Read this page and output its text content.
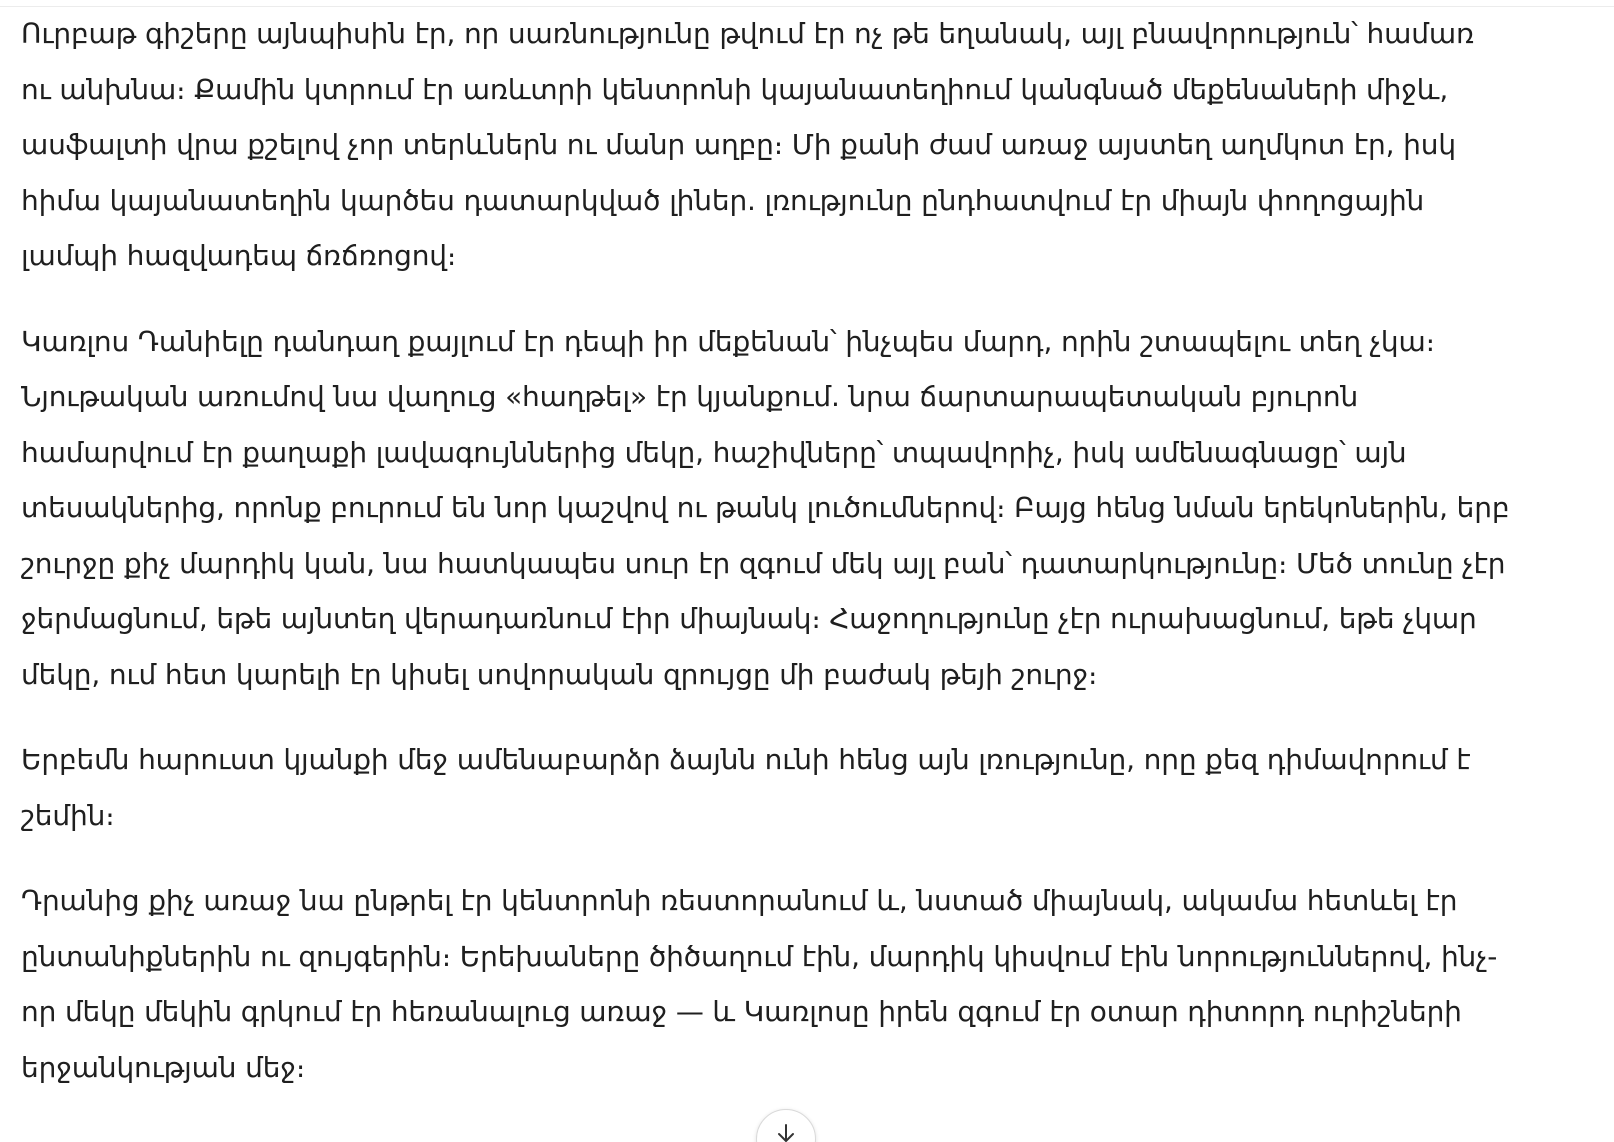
Ուրբաթ գիշերը այնպիսին էր, որ սառնությունը թվում էր ոչ թե եղանակ, այլ բնավորություն՝ համառ
ու անխնա։ Քամին կտրում էր առևտրի կենտրոնի կայանատեղիում կանգնած մեքենաների միջև,
ասֆալտի վրա քշելով չոր տերևներն ու մանր աղբը։ Մի քանի ժամ առաջ այստեղ աղմկոտ էր, իսկ
հիմա կայանատեղին կարծես դատարկված լիներ. լռությունը ընդհատվում էր միայն փողոցային
լամպի հազվադեպ ճռճռոցով։

Կառլոս Դանիելը դանդաղ քայլում էր դեպի իր մեքենան՝ ինչպես մարդ, որին շտապելու տեղ չկա։
Նյութական առումով նա վաղուց «հաղթել» էր կյանքում. նրա ճարտարապետական բյուրոն
համարվում էր քաղաքի լավագույններից մեկը, հաշիվները՝ տպավորիչ, իսկ ամենագնացը՝ այն
տեսակներից, որոնք բուրում են նոր կաշվով ու թանկ լուծումներով։ Բայց հենց նման երեկոներին, երբ
շուրջը քիչ մարդիկ կան, նա հատկապես սուր էր զգում մեկ այլ բան՝ դատարկությունը։ Մեծ տունը չէր
ջերմացնում, եթե այնտեղ վերադառնում էիր միայնակ։ Հաջողությունը չէր ուրախացնում, եթե չկար
մեկը, ում հետ կարելի էր կիսել սովորական զրույցը մի բաժակ թեյի շուրջ։

Երբեմն հարուստ կյանքի մեջ ամենաբարձր ձայնն ունի հենց այն լռությունը, որը քեզ դիմավորում է
շեմին։

Դրանից քիչ առաջ նա ընթրել էր կենտրոնի ռեստորանում և, նստած միայնակ, ակամա հետևել էր
ընտանիքներին ու զույգերին։ Երեխաները ծիծաղում էին, մարդիկ կիսվում էին նորություններով, ինչ-
որ մեկը մեկին գրկում էր հեռանալուց առաջ — և Կառլոսը իրեն զգում էր օտար դիտորդ ուրիշների
երջանկության մեջ։
